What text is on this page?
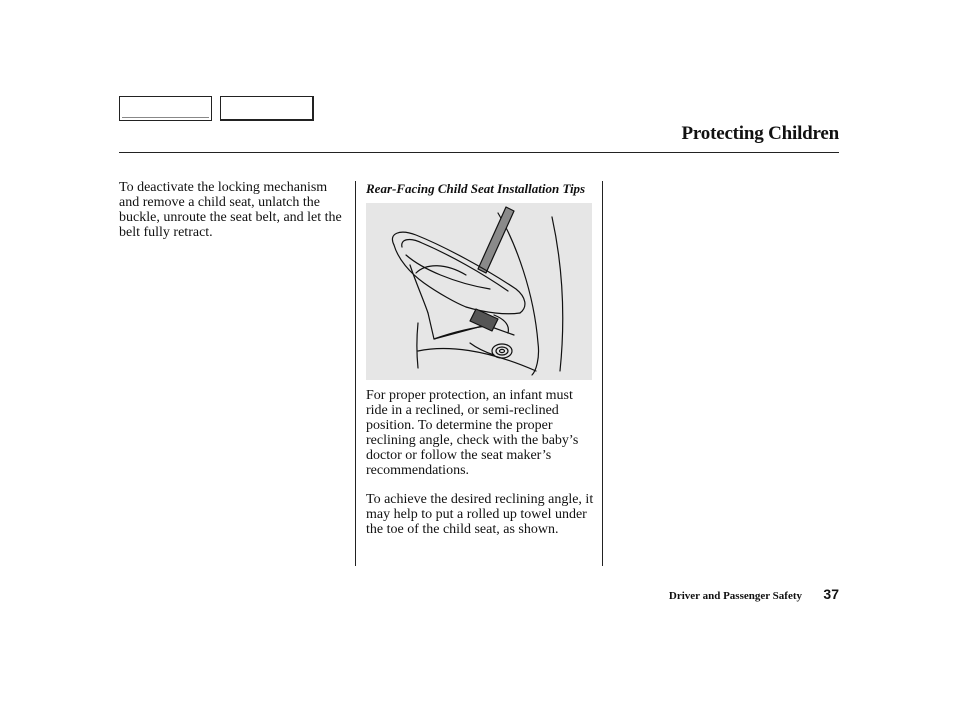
Protecting Children

To deactivate the locking mechanism and remove a child seat, unlatch the buckle, unroute the seat belt, and let the belt fully retract.

Rear-Facing Child Seat Installation Tips

For proper protection, an infant must ride in a reclined, or semi-reclined position. To determine the proper reclining angle, check with the baby’s doctor or follow the seat maker’s recommendations.

To achieve the desired reclining angle, it may help to put a rolled up towel under the toe of the child seat, as shown.

Driver and Passenger Safety 37
